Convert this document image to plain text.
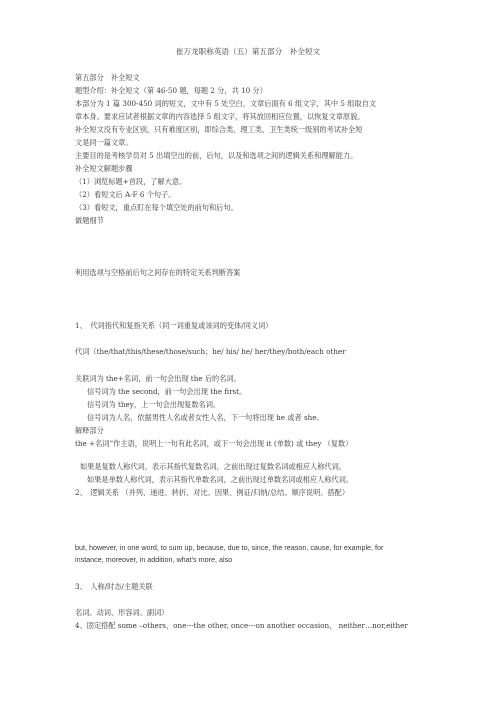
崔万龙职称英语（五）第五部分　补全短文
第五部分　补全短文
题型介绍：补全短文（第 46-50 题，每题 2 分，共 10 分）
本部分为 1 篇 300-450 词的短文，文中有 5 处空白，文章后面有 6 组文字，其中 5 组取自文
章本身。要求应试者根据文章的内容选择 5 组文字，将其放回相应位置，以恢复文章原貌。
补全短文没有专业区别，只有难度区别，即综合类、理工类、卫生类统一级别的考试补全短
文是同一篇文章。
主要目的是考核学员对 5 出填空出的前，后句，以及和选项之间的逻辑关系和理解能力。
补全短文解题步骤
（1）浏览标题+首段，了解大意。
（2）看短文后 A-F 6 个句子。
（3）看短文，重点盯在每个填空处的前句和后句。
做题细节
利用选项与空格前后句之间存在的特定关系判断答案
1、　代词指代和复指关系（同一词重复或该词的变体/同义词）
代词（the/that/this/these/those/such；he/ his/ he/ her/they/both/each other
关联词为 the+名词，前一句会出现 the 后的名词。
信号词为 the second，前一句会出现 the first。
信号词为 they，上一句会出现复数名词。
信号词为人名，依据男性人名或者女性人名，下一句将出现 he 或者 she。
解释部分
the +名词”作主语，说明上一句有此名词，或下一句会出现 it (单数) 或 they （复数）
如果是复数人称代词，表示其指代复数名词，之前出现过复数名词或相应人称代词。
如果是单数人称代词，表示其指代单数名词，之前出现过单数名词或相应人称代词。
2、　逻辑关系 （并列、递进、转折、对比、因果、例证/归纳/总结、顺序说明、搭配）
but, however, in one word, to sum up, because, due to, since, the reason, cause, for example, for
instance, moreover, in addition, what's more, also
3、　人称/时态/主题关联
名词、动词、形容词、副词）
4、固定搭配 some –others，one---the other, once---on another occasion， neither…nor,either
